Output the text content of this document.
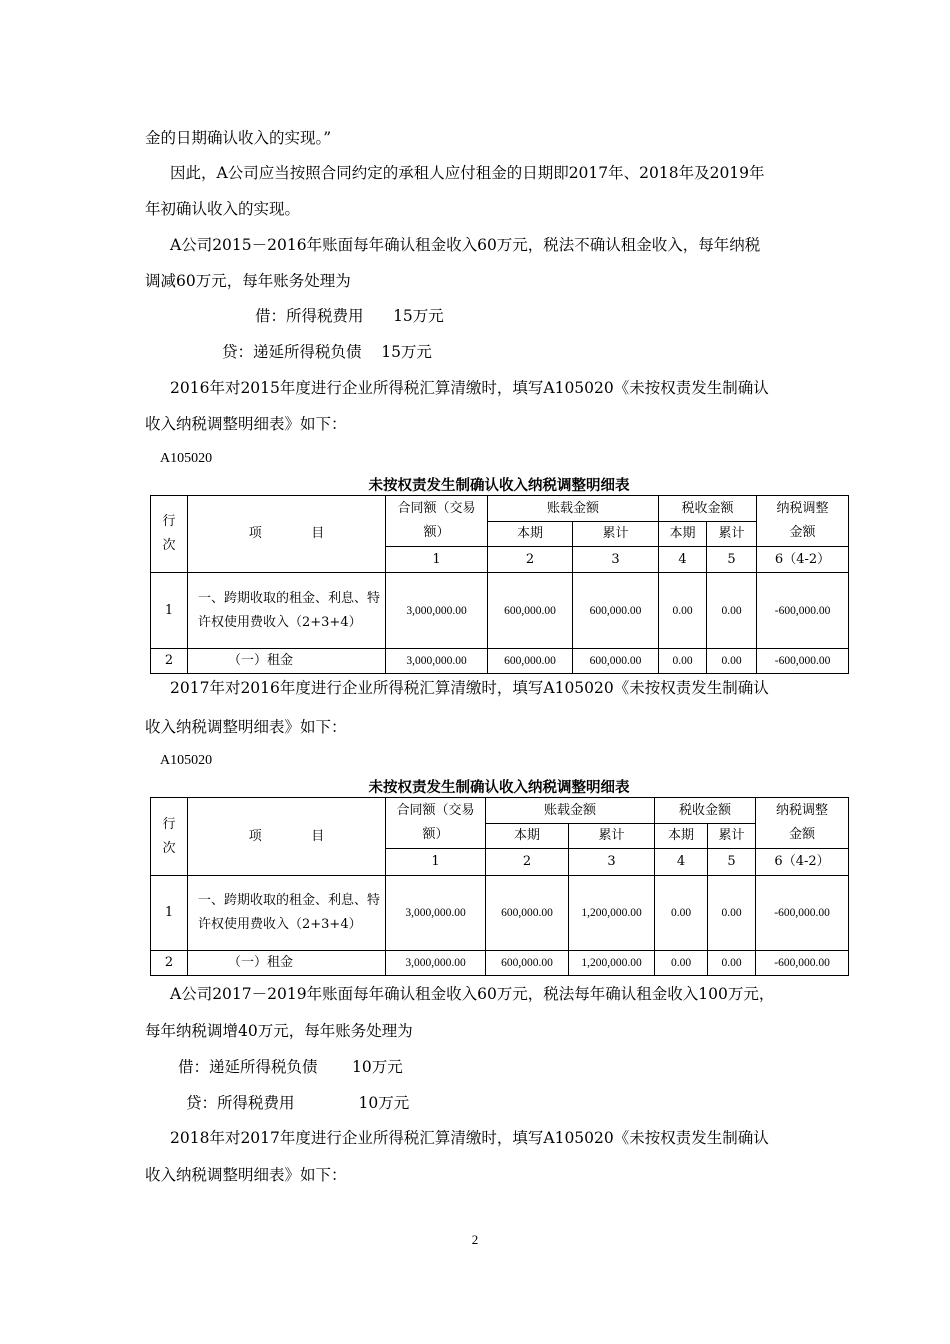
金的日期确认收入的实现。”
因此，A公司应当按照合同约定的承租人应付租金的日期即2017年、2018年及2019年
年初确认收入的实现。
A公司2015－2016年账面每年确认租金收入60万元，税法不确认租金收入，每年纳税
调减60万元，每年账务处理为
借：所得税费用      15万元
贷：递延所得税负债    15万元
2016年对2015年度进行企业所得税汇算清缴时，填写A105020《未按权责发生制确认
收入纳税调整明细表》如下：
A105020
未按权责发生制确认收入纳税调整明细表
行
次	项            目	合同额（交易额）	账载金额		税收金额		纳税调整金额
			本期	累计	本期	累计	
		1	2	3	4	5	6（4-2）
1	一、跨期收取的租金、利息、特许权使用费收入（2+3+4）	3,000,000.00	600,000.00	600,000.00	0.00	0.00	-600,000.00
2	（一）租金	3,000,000.00	600,000.00	600,000.00	0.00	0.00	-600,000.00
2017年对2016年度进行企业所得税汇算清缴时，填写A105020《未按权责发生制确认
收入纳税调整明细表》如下：
A105020
未按权责发生制确认收入纳税调整明细表
行
次	项            目	合同额（交易额）	账载金额		税收金额		纳税调整金额
			本期	累计	本期	累计	
		1	2	3	4	5	6（4-2）
1	一、跨期收取的租金、利息、特许权使用费收入（2+3+4）	3,000,000.00	600,000.00	1,200,000.00	0.00	0.00	-600,000.00
2	（一）租金	3,000,000.00	600,000.00	1,200,000.00	0.00	0.00	-600,000.00
A公司2017－2019年账面每年确认租金收入60万元，税法每年确认租金收入100万元，
每年纳税调增40万元，每年账务处理为
借：递延所得税负债       10万元
贷：所得税费用             10万元
2018年对2017年度进行企业所得税汇算清缴时，填写A105020《未按权责发生制确认
收入纳税调整明细表》如下：
2
